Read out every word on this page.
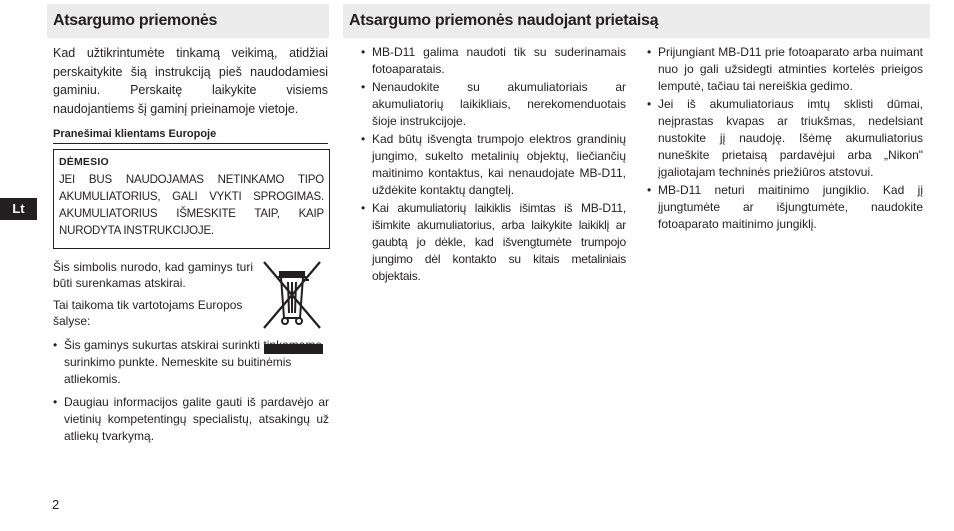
Atsargumo priemonės	Atsargumo priemonės naudojant prietaisą

Kad užtikrintumėte tinkamą veikimą, atidžiai perskaitykite šią instrukciją pieš naudodamiesi gaminiu. Perskaitę laikykite visiems naudojantiems šį gaminį prieinamoje vietoje.

Pranešimai klientams Europoje
DĖMESIO
JEI BUS NAUDOJAMAS NETINKAMO TIPO AKUMULIATORIUS, GALI VYKTI SPROGIMAS. AKUMULIATORIUS IŠMESKITE TAIP, KAIP NURODYTA INSTRUKCIJOJE.

Šis simbolis nurodo, kad gaminys turi būti surenkamas atskirai.

Tai taikoma tik vartotojams Europos šalyse:

• Šis gaminys sukurtas atskirai surinkti tinkamame surinkimo punkte. Nemeskite su buitinėmis atliekomis.
• Daugiau informacijos galite gauti iš pardavėjo ar vietinių kompetentingų specialistų, atsakingų už atliekų tvarkymą.
• MB-D11 galima naudoti tik su suderinamais fotoaparatais.
• Nenaudokite su akumuliatoriais ar akumuliatorių laikikliais, nerekomenduotais šioje instrukcijoje.
• Kad būtų išvengta trumpojo elektros grandinių jungimo, sukelto metalinių objektų, liečiančių maitinimo kontaktus, kai nenaudojate MB-D11, uždėkite kontaktų dangtelį.
• Kai akumuliatorių laikiklis išimtas iš MB-D11, išimkite akumuliatorius, arba laikykite laikiklį ar gaubtą jo dėkle, kad išvengtumėte trumpojo jungimo dėl kontakto su kitais metaliniais objektais.
• Prijungiant MB-D11 prie fotoaparato arba nuimant nuo jo gali užsidegti atminties kortelės prieigos lemputė, tačiau tai nereiškia gedimo.
• Jei iš akumuliatoriaus imtų sklisti dūmai, neįprastas kvapas ar triukšmas, nedelsiant nustokite jį naudoję. Išėmę akumuliatorius nuneškite prietaisą pardavėjui arba „Nikon" įgaliotajam techninės priežiūros atstovui.
• MB-D11 neturi maitinimo jungiklio. Kad jį įjungtumėte ar išjungtumėte, naudokite fotoaparato maitinimo jungiklį.
Lt
2
